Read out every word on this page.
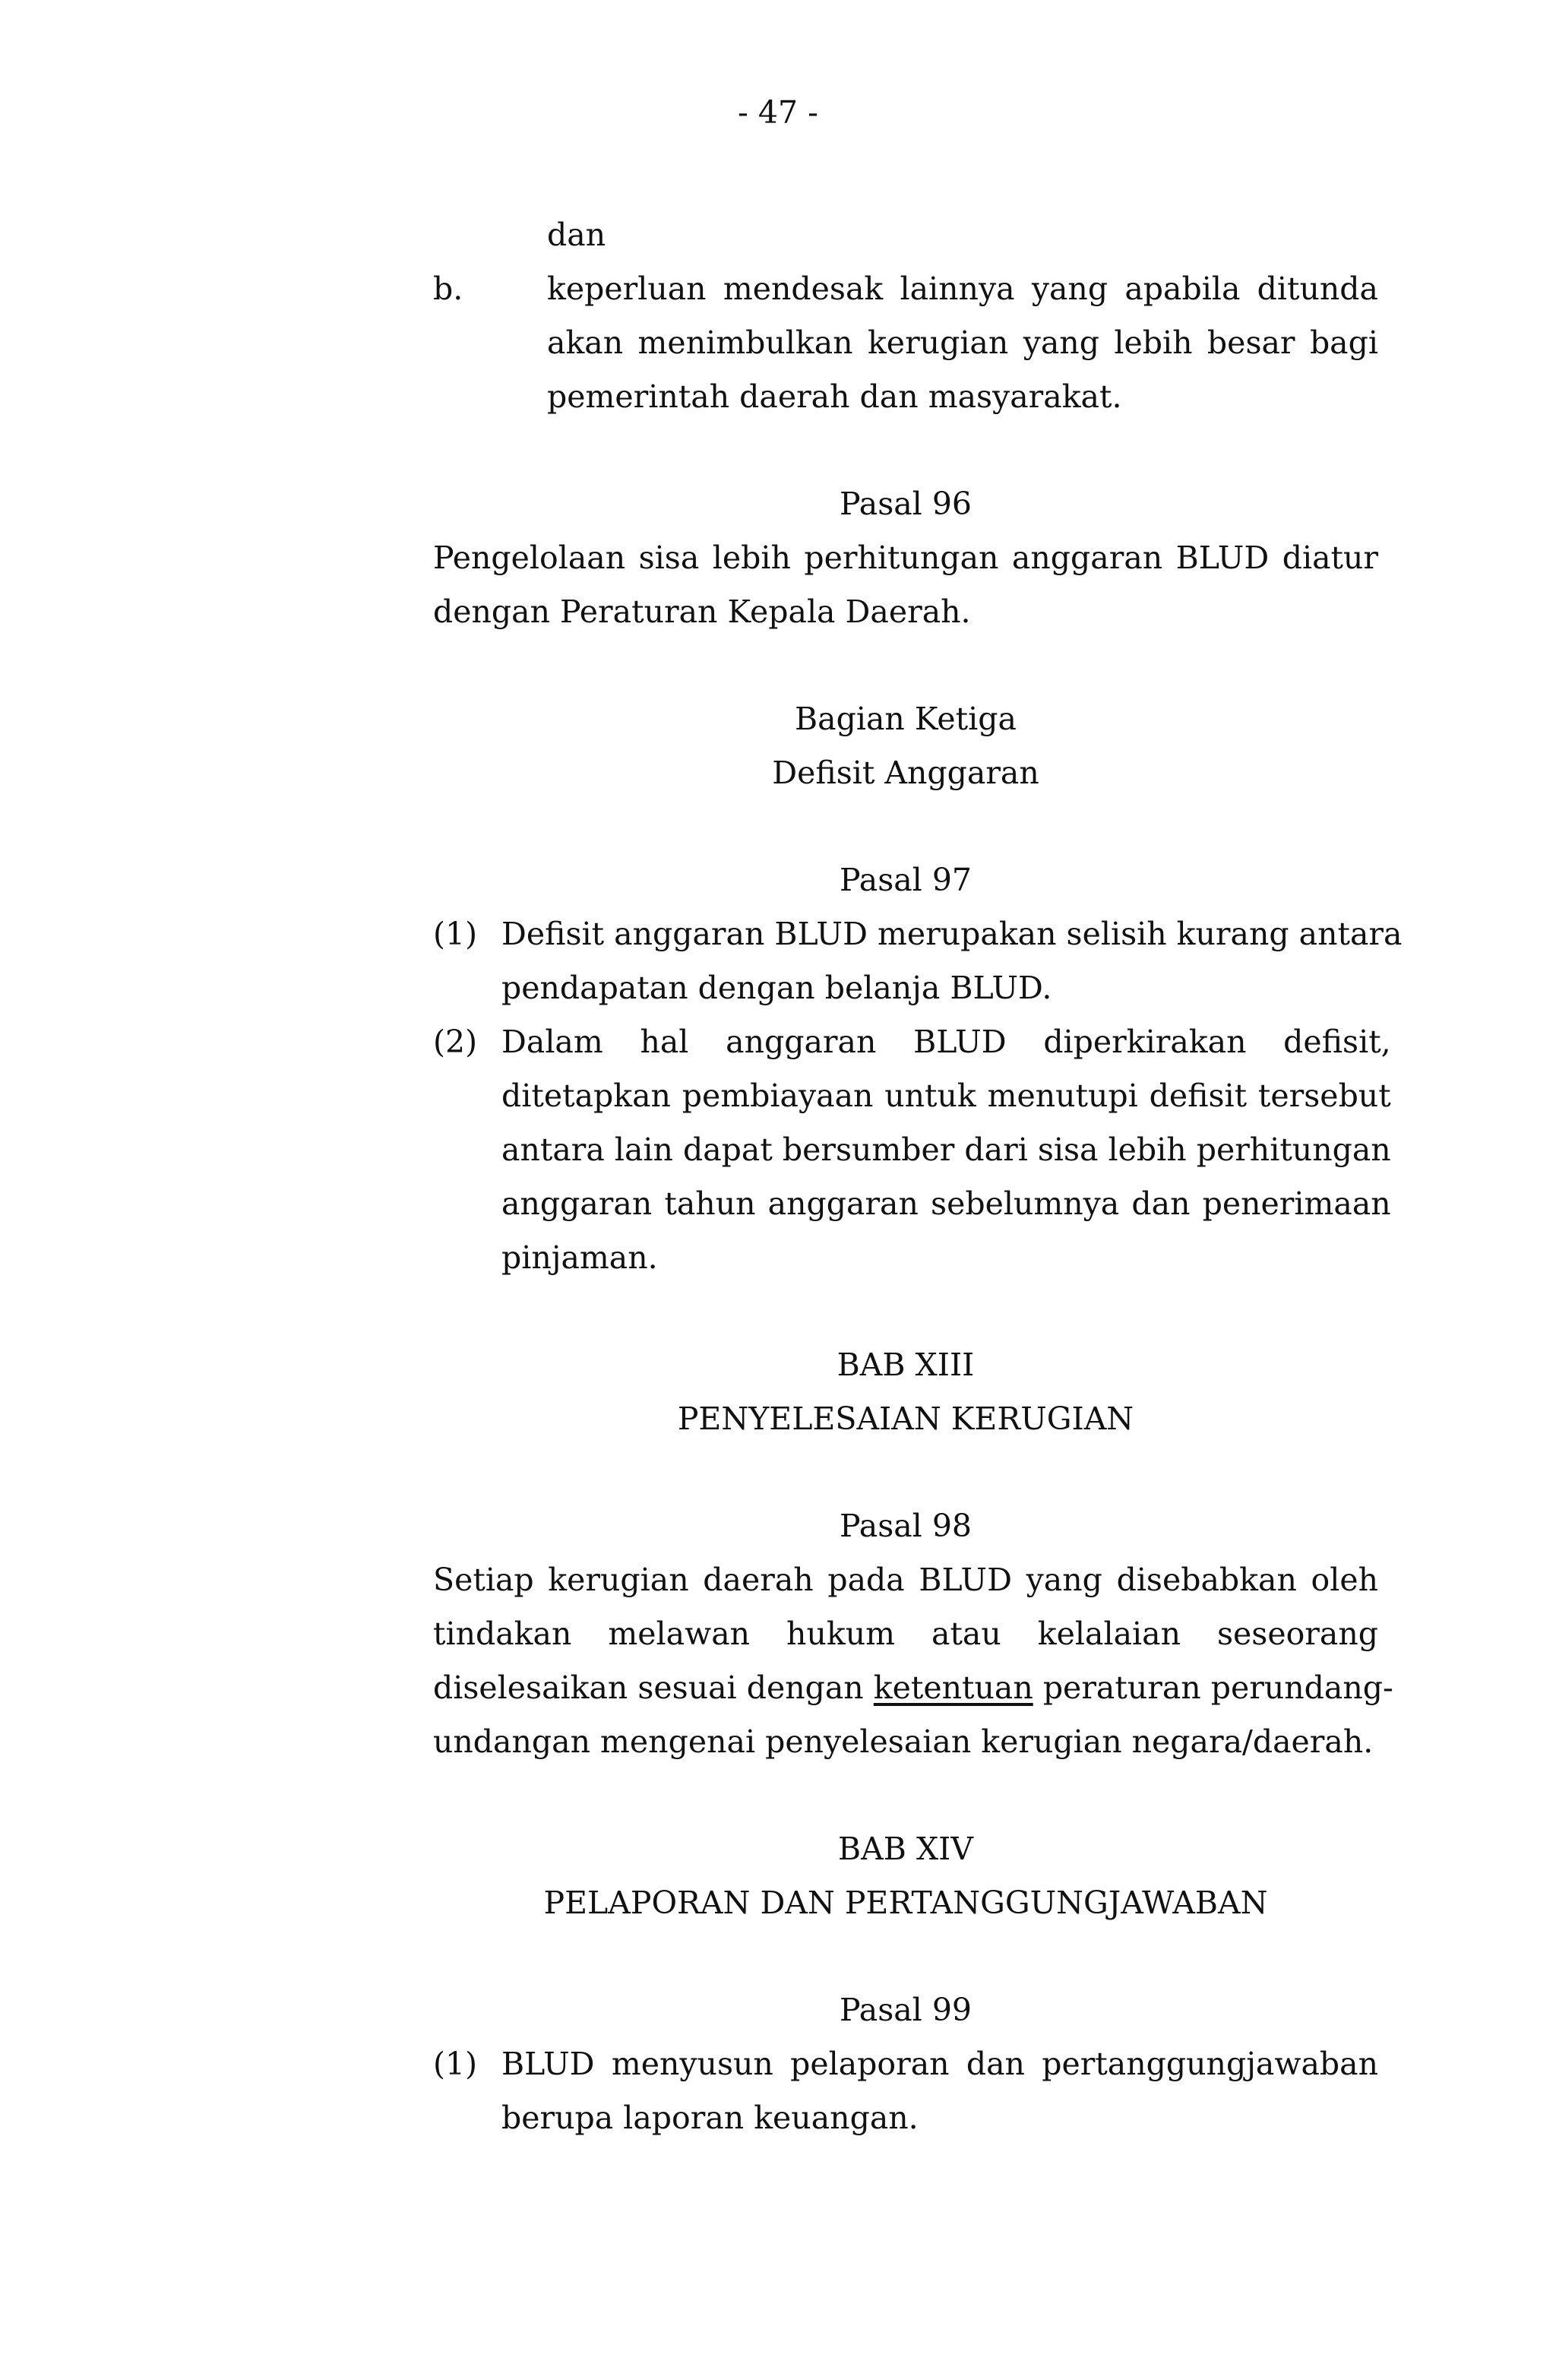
- 47 -
dan
b.	keperluan mendesak lainnya yang apabila ditunda
akan menimbulkan kerugian yang lebih besar bagi
pemerintah daerah dan masyarakat.
Pasal 96
Pengelolaan sisa lebih perhitungan anggaran BLUD diatur
dengan Peraturan Kepala Daerah.
Bagian Ketiga
Defisit Anggaran
Pasal 97
(1) Defisit anggaran BLUD merupakan selisih kurang antara
pendapatan dengan belanja BLUD.
(2) Dalam hal anggaran BLUD diperkirakan defisit,
ditetapkan pembiayaan untuk menutupi defisit tersebut
antara lain dapat bersumber dari sisa lebih perhitungan
anggaran tahun anggaran sebelumnya dan penerimaan
pinjaman.
BAB XIII
PENYELESAIAN KERUGIAN
Pasal 98
Setiap kerugian daerah pada BLUD yang disebabkan oleh
tindakan melawan hukum atau kelalaian seseorang
diselesaikan sesuai dengan ketentuan peraturan perundang-
undangan mengenai penyelesaian kerugian negara/daerah.
BAB XIV
PELAPORAN DAN PERTANGGUNGJAWABAN
Pasal 99
(1) BLUD menyusun pelaporan dan pertanggungjawaban
berupa laporan keuangan.
